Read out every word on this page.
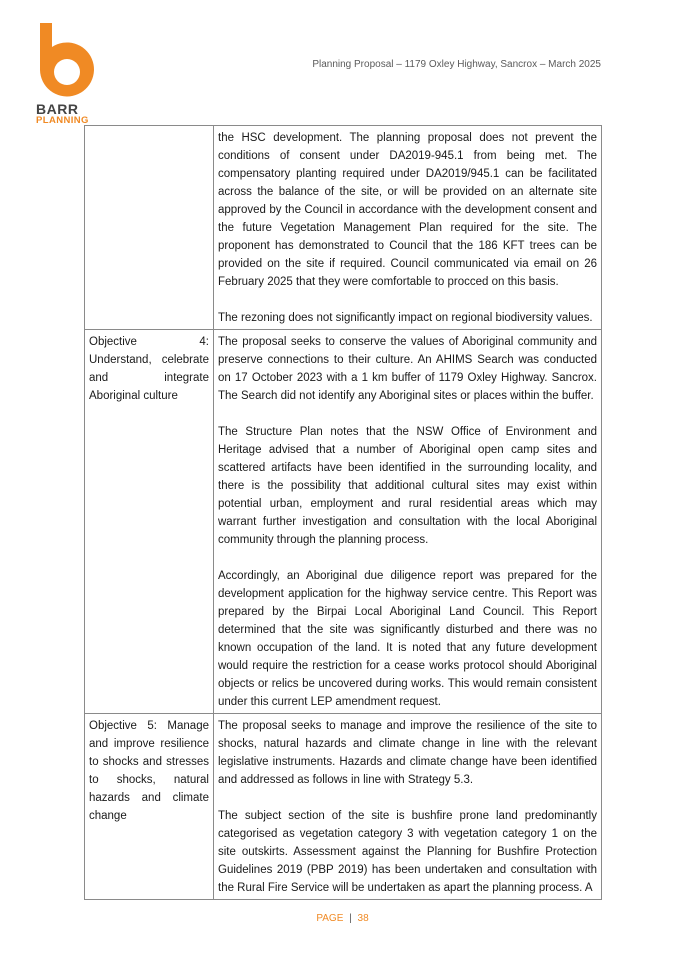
BARR
PLANNING
Planning Proposal – 1179 Oxley Highway, Sancrox – March 2025

	the HSC development. The planning proposal does not prevent the conditions of consent under DA2019-945.1 from being met. The compensatory planting required under DA2019/945.1 can be facilitated across the balance of the site, or will be provided on an alternate site approved by the Council in accordance with the development consent and the future Vegetation Management Plan required for the site. The proponent has demonstrated to Council that the 186 KFT trees can be provided on the site if required. Council communicated via email on 26 February 2025 that they were comfortable to procced on this basis.

The rezoning does not significantly impact on regional biodiversity values.

Objective 4: Understand, celebrate and integrate Aboriginal culture	The proposal seeks to conserve the values of Aboriginal community and preserve connections to their culture. An AHIMS Search was conducted on 17 October 2023 with a 1 km buffer of 1179 Oxley Highway. Sancrox. The Search did not identify any Aboriginal sites or places within the buffer.

The Structure Plan notes that the NSW Office of Environment and Heritage advised that a number of Aboriginal open camp sites and scattered artifacts have been identified in the surrounding locality, and there is the possibility that additional cultural sites may exist within potential urban, employment and rural residential areas which may warrant further investigation and consultation with the local Aboriginal community through the planning process.

Accordingly, an Aboriginal due diligence report was prepared for the development application for the highway service centre. This Report was prepared by the Birpai Local Aboriginal Land Council. This Report determined that the site was significantly disturbed and there was no known occupation of the land. It is noted that any future development would require the restriction for a cease works protocol should Aboriginal objects or relics be uncovered during works. This would remain consistent under this current LEP amendment request.

Objective 5: Manage and improve resilience to shocks and stresses to shocks, natural hazards and climate change	The proposal seeks to manage and improve the resilience of the site to shocks, natural hazards and climate change in line with the relevant legislative instruments. Hazards and climate change have been identified and addressed as follows in line with Strategy 5.3.

The subject section of the site is bushfire prone land predominantly categorised as vegetation category 3 with vegetation category 1 on the site outskirts. Assessment against the Planning for Bushfire Protection Guidelines 2019 (PBP 2019) has been undertaken and consultation with the Rural Fire Service will be undertaken as apart the planning process. A

PAGE | 38
